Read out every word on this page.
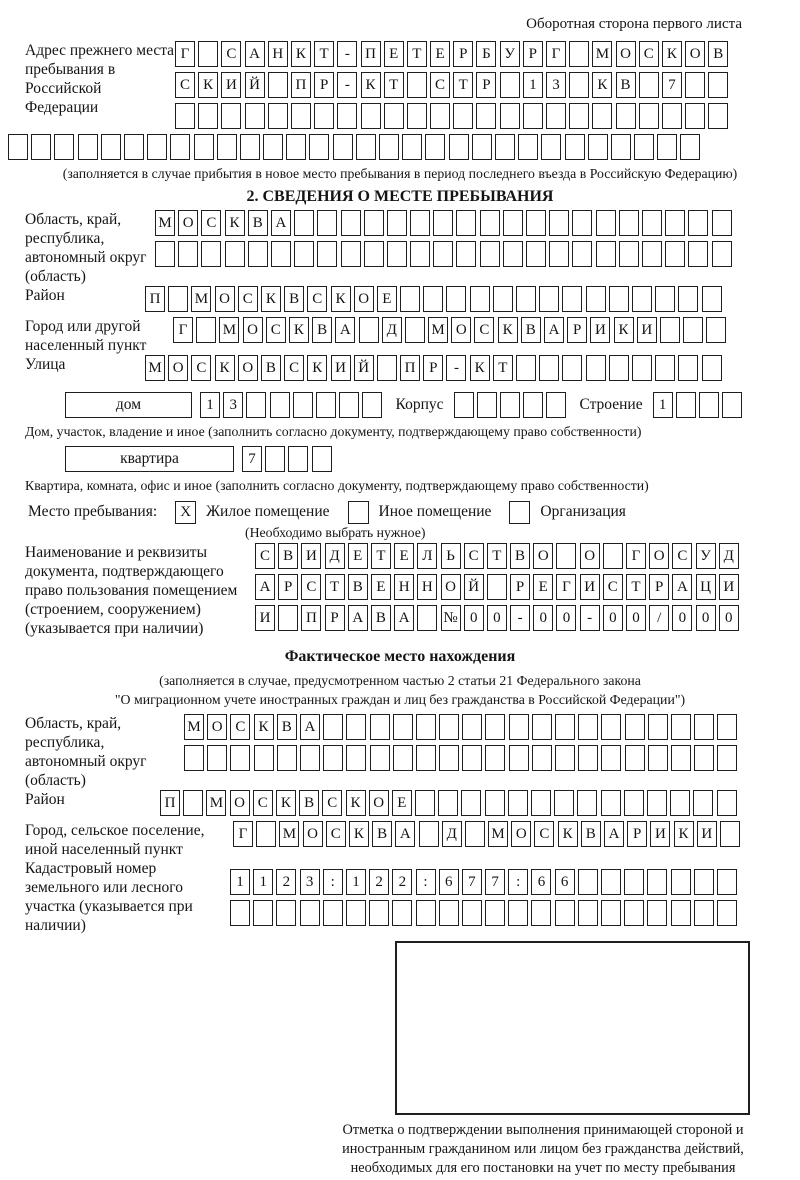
Оборотная сторона первого листа
Адрес прежнего места пребывания в Российской Федерации
Г	С А Н К Т	-	П Е Т Е Р Б У Р Г	М О С К О В
С К И Й	П Р	-	К Т	С Т Р	1	3	К В	7
(заполняется в случае прибытия в новое место пребывания в период последнего въезда в Российскую Федерацию)
2. СВЕДЕНИЯ О МЕСТЕ ПРЕБЫВАНИЯ
Область, край, республика, автономный округ (область)
М О С К В А
Район	П	М О С К В С К О Е
Город или другой населенный пункт
Г	М О С К В А	Д	М О С К В А Р И К И
Улица	М О С К О В С К И Й	П Р	-	К Т
дом	1	3	Корпус	Строение	1
Дом, участок, владение и иное (заполнить согласно документу, подтверждающему право собственности)
квартира	7
Квартира, комната, офис и иное (заполнить согласно документу, подтверждающему право собственности)
Место пребывания:	X Жилое помещение	Иное помещение	Организация
(Необходимо выбрать нужное)
Наименование и реквизиты документа, подтверждающего право пользования помещением (строением, сооружением) (указывается при наличии)
С В И Д Е Т Е Л Ь С Т В О	О	Г О С У Д
А Р С Т В Е Н Н О Й	Р Е Г И С Т Р А Ц И
И	П Р А В А	№ 0	0	-	0	0	-	0	0	/	0	0	0
Фактическое место нахождения
(заполняется в случае, предусмотренном частью 2 статьи 21 Федерального закона
"О миграционном учете иностранных граждан и лиц без гражданства в Российской Федерации")
Область, край, республика, автономный округ (область)
М О С К В А
Район	П	М О С К В С К О Е
Город, сельское поселение, иной населенный пункт
Г	М О С К В А	Д	М О С К В А Р И К И
Кадастровый номер земельного или лесного участка (указывается при наличии)
1	1	2	3	:	1	2	2	:	6	7	7	:	6	6
Отметка о подтверждении выполнения принимающей стороной и иностранным гражданином или лицом без гражданства действий, необходимых для его постановки на учет по месту пребывания
